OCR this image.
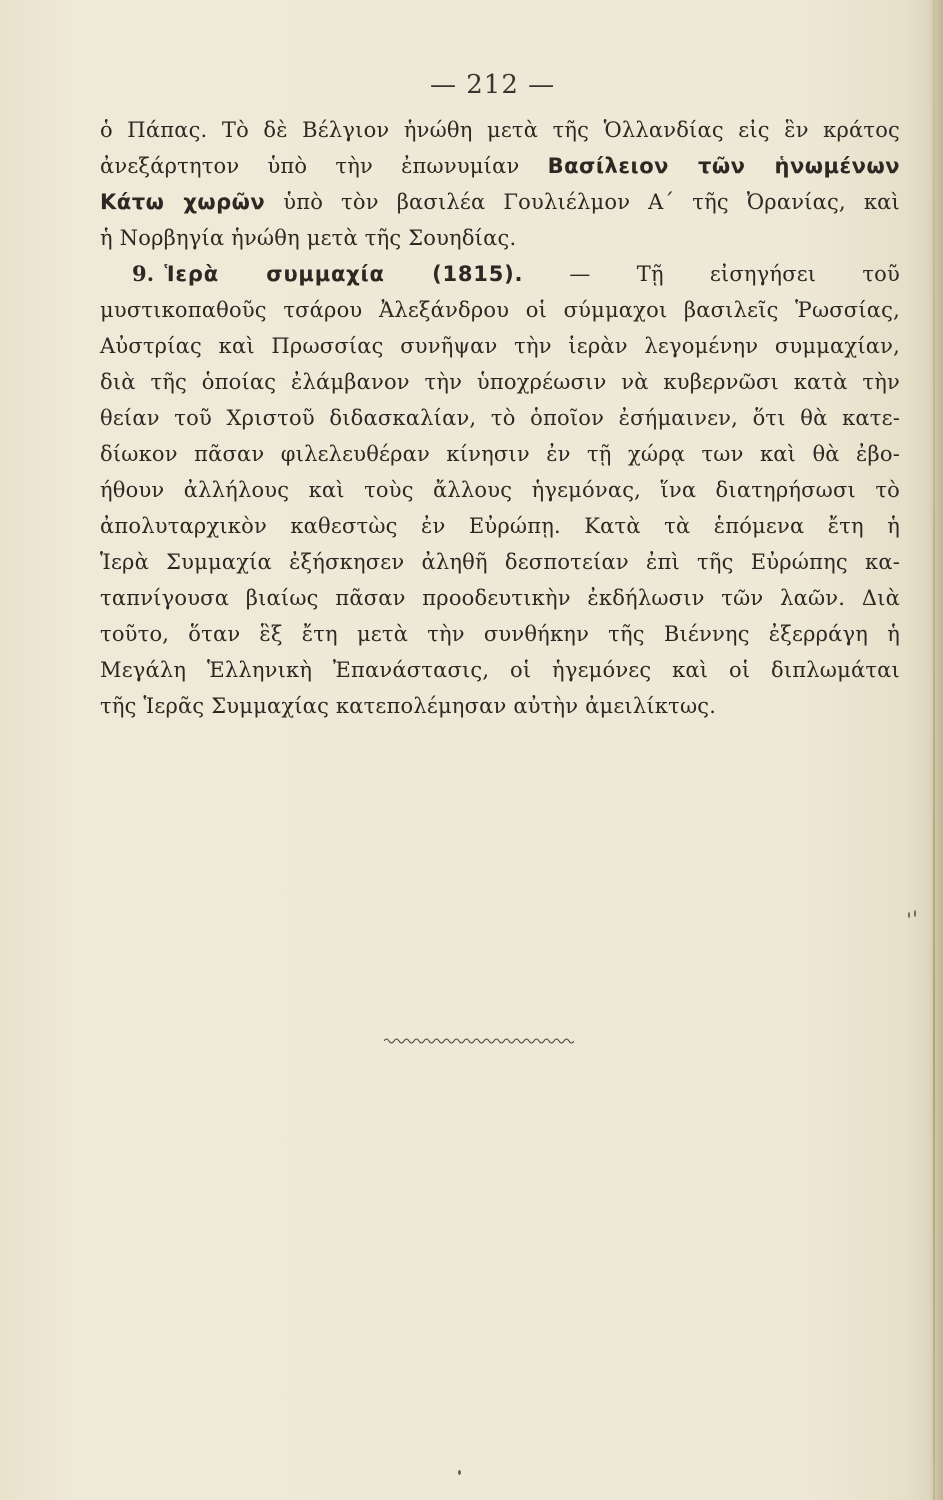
— 212 —
ὁ Πάπας. Τὸ δὲ Βέλγιον ἡνώθη μετὰ τῆς Ὁλλανδίας εἰς ἓν κράτος
ἀνεξάρτητον ὑπὸ τὴν ἐπωνυμίαν Βασίλειον τῶν ἡνωμένων
Κάτω χωρῶν ὑπὸ τὸν βασιλέα Γουλιέλμον Α΄ τῆς Ὀρανίας, καὶ
ἡ Νορβηγία ἡνώθη μετὰ τῆς Σουηδίας.
9. Ἱερὰ συμμαχία (1815). — Τῇ εἰσηγήσει τοῦ
μυστικοπαθοῦς τσάρου Ἀλεξάνδρου οἱ σύμμαχοι βασιλεῖς Ῥωσσίας,
Αὐστρίας καὶ Πρωσσίας συνῆψαν τὴν ἱερὰν λεγομένην συμμαχίαν,
διὰ τῆς ὁποίας ἐλάμβανον τὴν ὑποχρέωσιν νὰ κυβερνῶσι κατὰ τὴν
θείαν τοῦ Χριστοῦ διδασκαλίαν, τὸ ὁποῖον ἐσήμαινεν, ὅτι θὰ κατε-
δίωκον πᾶσαν φιλελευθέραν κίνησιν ἐν τῇ χώρᾳ των καὶ θὰ ἐβο-
ήθουν ἀλλήλους καὶ τοὺς ἄλλους ἡγεμόνας, ἵνα διατηρήσωσι τὸ
ἀπολυταρχικὸν καθεστὼς ἐν Εὐρώπῃ. Κατὰ τὰ ἑπόμενα ἔτη ἡ
Ἱερὰ Συμμαχία ἐξήσκησεν ἀληθῆ δεσποτείαν ἐπὶ τῆς Εὐρώπης κα-
ταπνίγουσα βιαίως πᾶσαν προοδευτικὴν ἐκδήλωσιν τῶν λαῶν. Διὰ
τοῦτο, ὅταν ἓξ ἔτη μετὰ τὴν συνθήκην τῆς Βιέννης ἐξερράγη ἡ
Μεγάλη Ἑλληνικὴ Ἐπανάστασις, οἱ ἡγεμόνες καὶ οἱ διπλωμάται
τῆς Ἱερᾶς Συμμαχίας κατεπολέμησαν αὐτὴν ἀμειλίκτως.
